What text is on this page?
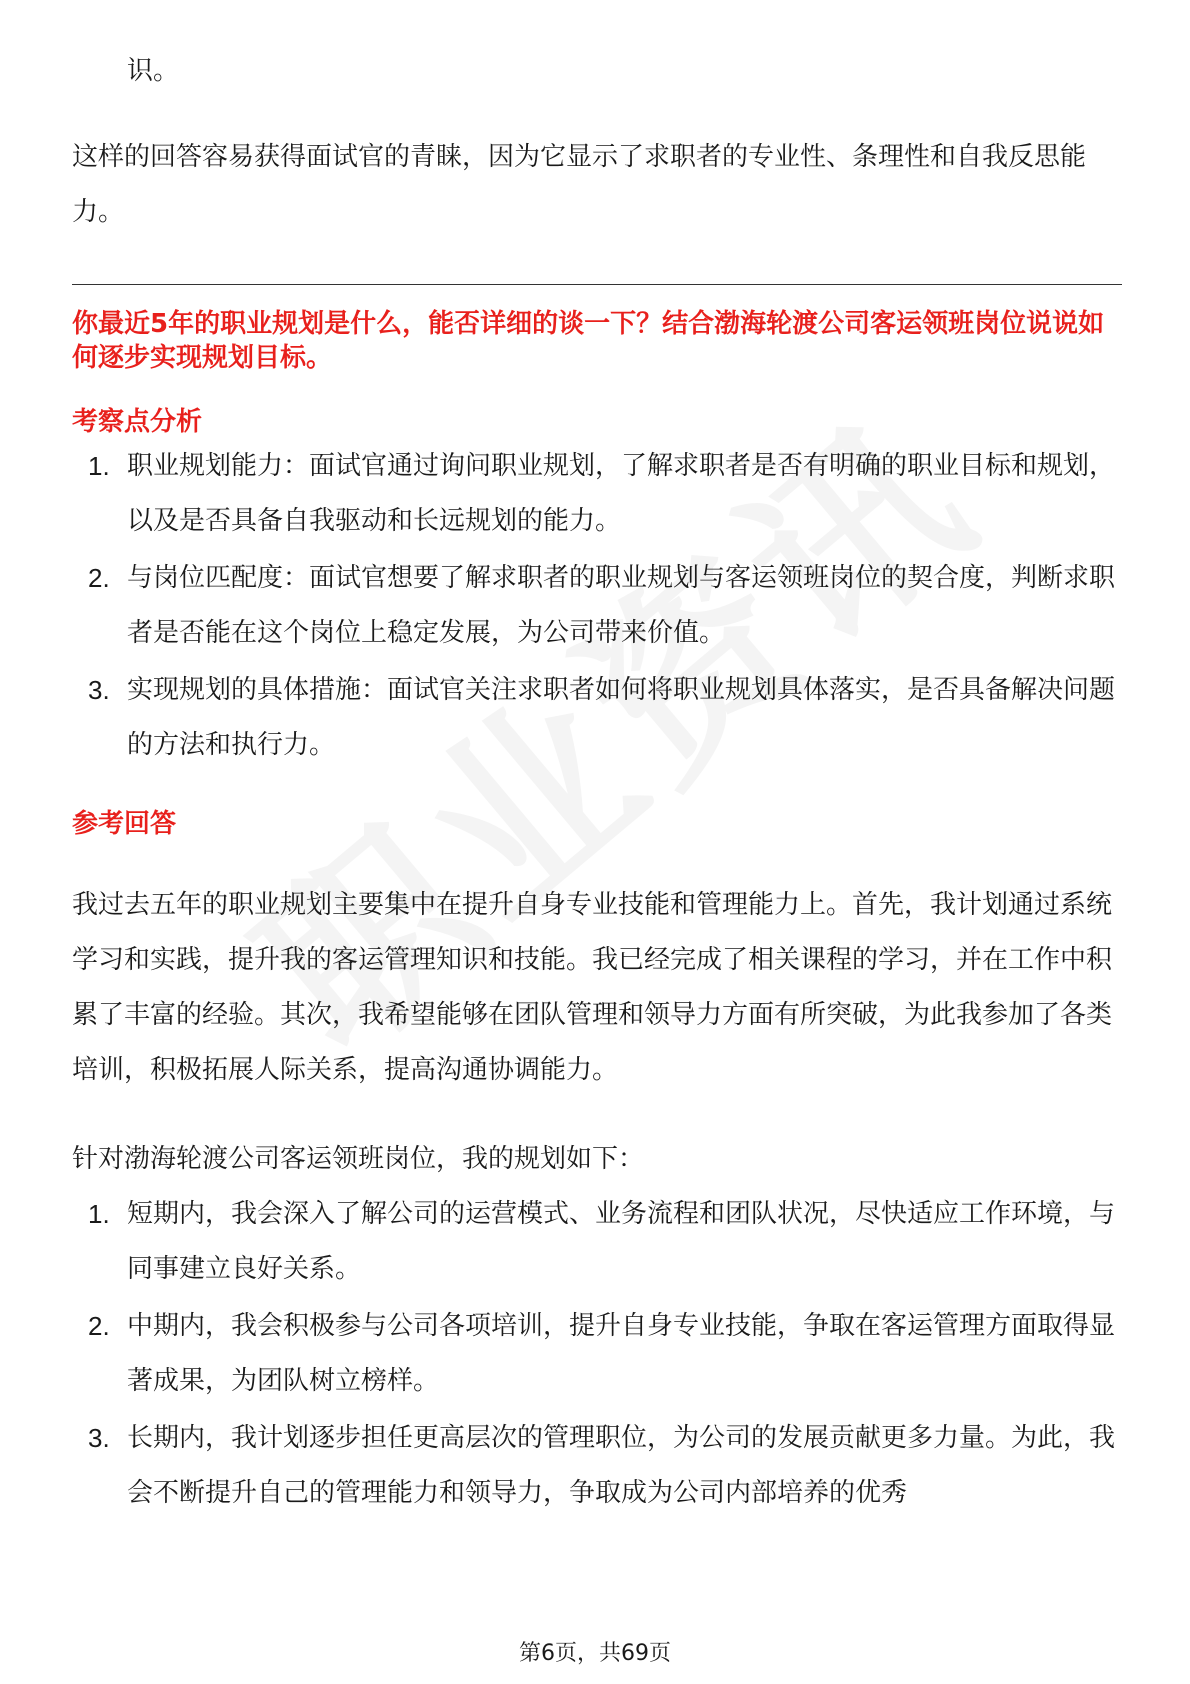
识。

这样的回答容易获得面试官的青睐，因为它显示了求职者的专业性、条理性和自我反思能力。

你最近5年的职业规划是什么，能否详细的谈一下？结合渤海轮渡公司客运领班岗位说说如何逐步实现规划目标。
考察点分析
1. 职业规划能力：面试官通过询问职业规划，了解求职者是否有明确的职业目标和规划，以及是否具备自我驱动和长远规划的能力。
2. 与岗位匹配度：面试官想要了解求职者的职业规划与客运领班岗位的契合度，判断求职者是否能在这个岗位上稳定发展，为公司带来价值。
3. 实现规划的具体措施：面试官关注求职者如何将职业规划具体落实，是否具备解决问题的方法和执行力。
参考回答

我过去五年的职业规划主要集中在提升自身专业技能和管理能力上。首先，我计划通过系统学习和实践，提升我的客运管理知识和技能。我已经完成了相关课程的学习，并在工作中积累了丰富的经验。其次，我希望能够在团队管理和领导力方面有所突破，为此我参加了各类培训，积极拓展人际关系，提高沟通协调能力。

针对渤海轮渡公司客运领班岗位，我的规划如下：

1. 短期内，我会深入了解公司的运营模式、业务流程和团队状况，尽快适应工作环境，与同事建立良好关系。
2. 中期内，我会积极参与公司各项培训，提升自身专业技能，争取在客运管理方面取得显著成果，为团队树立榜样。
3. 长期内，我计划逐步担任更高层次的管理职位，为公司的发展贡献更多力量。为此，我会不断提升自己的管理能力和领导力，争取成为公司内部培养的优秀
第6页，共69页
